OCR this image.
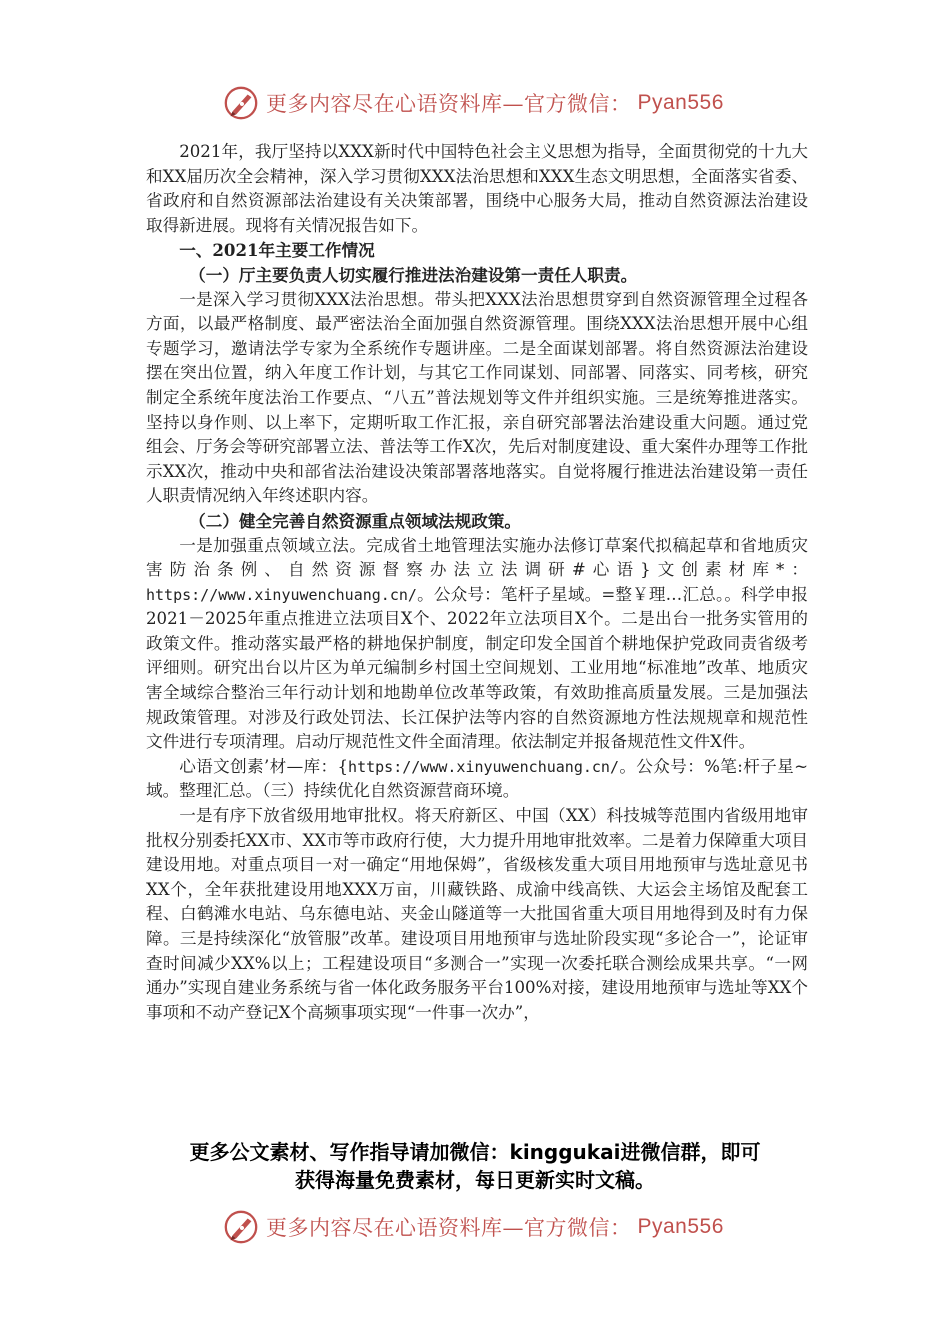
更多内容尽在心语资料库—官方微信： Pyan556

2021年，我厅坚持以XXX新时代中国特色社会主义思想为指导，全面贯彻党的十九大和XX届历次全会精神，深入学习贯彻XXX法治思想和XXX生态文明思想，全面落实省委、省政府和自然资源部法治建设有关决策部署，围绕中心服务大局，推动自然资源法治建设取得新进展。现将有关情况报告如下。

一、2021年主要工作情况

（一）厅主要负责人切实履行推进法治建设第一责任人职责。

一是深入学习贯彻XXX法治思想。带头把XXX法治思想贯穿到自然资源管理全过程各方面，以最严格制度、最严密法治全面加强自然资源管理。围绕XXX法治思想开展中心组专题学习，邀请法学专家为全系统作专题讲座。二是全面谋划部署。将自然资源法治建设摆在突出位置，纳入年度工作计划，与其它工作同谋划、同部署、同落实、同考核，研究制定全系统年度法治工作要点、“八五”普法规划等文件并组织实施。三是统筹推进落实。坚持以身作则、以上率下，定期听取工作汇报，亲自研究部署法治建设重大问题。通过党组会、厅务会等研究部署立法、普法等工作X次，先后对制度建设、重大案件办理等工作批示XX次，推动中央和部省法治建设决策部署落地落实。自觉将履行推进法治建设第一责任人职责情况纳入年终述职内容。

（二）健全完善自然资源重点领域法规政策。

一是加强重点领域立法。完成省土地管理法实施办法修订草案代拟稿起草和省地质灾害防治条例、自然资源督察办法立法调研#心语}文创素材库*：https://www.xinyuwenchuang.cn/。公众号：笔杆子星域。=整￥理…汇总。。科学申报2021－2025年重点推进立法项目X个、2022年立法项目X个。二是出台一批务实管用的政策文件。推动落实最严格的耕地保护制度，制定印发全国首个耕地保护党政同责省级考评细则。研究出台以片区为单元编制乡村国土空间规划、工业用地“标准地”改革、地质灾害全域综合整治三年行动计划和地勘单位改革等政策，有效助推高质量发展。三是加强法规政策管理。对涉及行政处罚法、长江保护法等内容的自然资源地方性法规规章和规范性文件进行专项清理。启动厅规范性文件全面清理。依法制定并报备规范性文件X件。

心语文创素’材—库：{https://www.xinyuwenchuang.cn/。公众号：%笔:杆子星~域。整理汇总。（三）持续优化自然资源营商环境。

一是有序下放省级用地审批权。将天府新区、中国（XX）科技城等范围内省级用地审批权分别委托XX市、XX市等市政府行使，大力提升用地审批效率。二是着力保障重大项目建设用地。对重点项目一对一确定“用地保姆”，省级核发重大项目用地预审与选址意见书XX个，全年获批建设用地XXX万亩，川藏铁路、成渝中线高铁、大运会主场馆及配套工程、白鹤滩水电站、乌东德电站、夹金山隧道等一大批国省重大项目用地得到及时有力保障。三是持续深化“放管服”改革。建设项目用地预审与选址阶段实现“多论合一”，论证审查时间减少XX%以上；工程建设项目“多测合一”实现一次委托联合测绘成果共享。“一网通办”实现自建业务系统与省一体化政务服务平台100%对接，建设用地预审与选址等XX个事项和不动产登记X个高频事项实现“一件事一次办”，

更多公文素材、写作指导请加微信：kinggukai进微信群，即可
获得海量免费素材，每日更新实时文稿。
更多内容尽在心语资料库—官方微信： Pyan556
